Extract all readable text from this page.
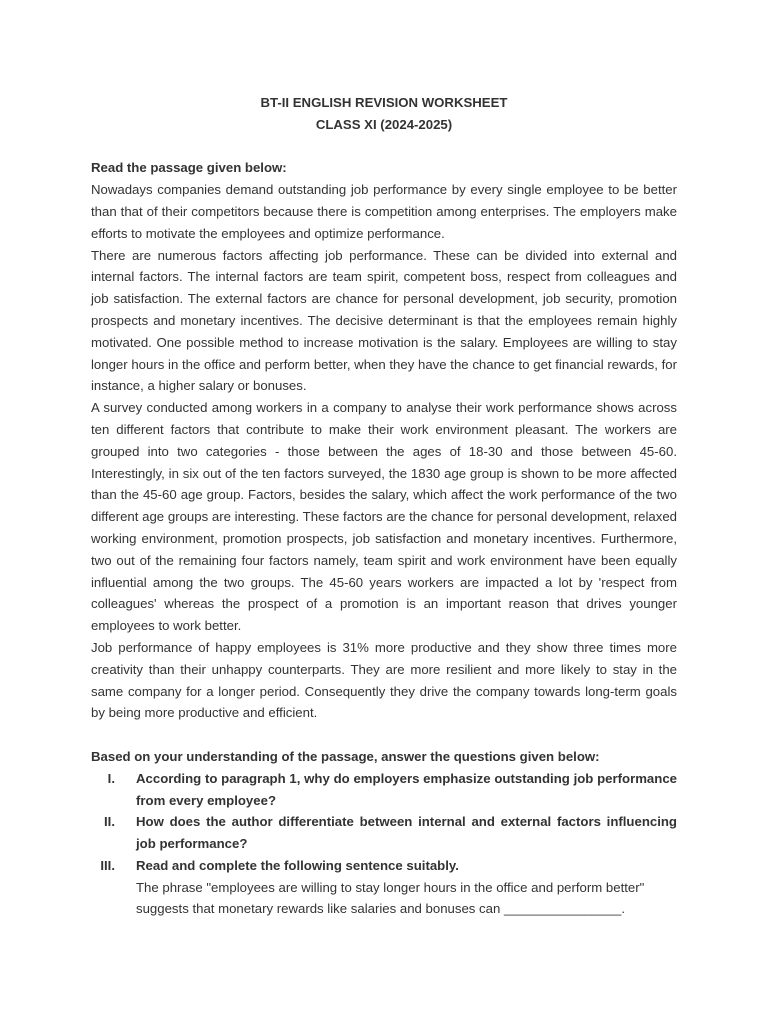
BT-II ENGLISH REVISION WORKSHEET
CLASS XI (2024-2025)
Read the passage given below:

Nowadays companies demand outstanding job performance by every single employee to be better than that of their competitors because there is competition among enterprises. The employers make efforts to motivate the employees and optimize performance.

There are numerous factors affecting job performance. These can be divided into external and internal factors. The internal factors are team spirit, competent boss, respect from colleagues and job satisfaction. The external factors are chance for personal development, job security, promotion prospects and monetary incentives. The decisive determinant is that the employees remain highly motivated. One possible method to increase motivation is the salary. Employees are willing to stay longer hours in the office and perform better, when they have the chance to get financial rewards, for instance, a higher salary or bonuses.

A survey conducted among workers in a company to analyse their work performance shows across ten different factors that contribute to make their work environment pleasant. The workers are grouped into two categories - those between the ages of 18-30 and those between 45-60. Interestingly, in six out of the ten factors surveyed, the 1830 age group is shown to be more affected than the 45-60 age group. Factors, besides the salary, which affect the work performance of the two different age groups are interesting. These factors are the chance for personal development, relaxed working environment, promotion prospects, job satisfaction and monetary incentives. Furthermore, two out of the remaining four factors namely, team spirit and work environment have been equally influential among the two groups. The 45-60 years workers are impacted a lot by 'respect from colleagues' whereas the prospect of a promotion is an important reason that drives younger employees to work better.

Job performance of happy employees is 31% more productive and they show three times more creativity than their unhappy counterparts. They are more resilient and more likely to stay in the same company for a longer period. Consequently they drive the company towards long-term goals by being more productive and efficient.

Based on your understanding of the passage, answer the questions given below:
I. According to paragraph 1, why do employers emphasize outstanding job performance from every employee?
II. How does the author differentiate between internal and external factors influencing job performance?
III. Read and complete the following sentence suitably.
The phrase "employees are willing to stay longer hours in the office and perform better" suggests that monetary rewards like salaries and bonuses can ________________.
